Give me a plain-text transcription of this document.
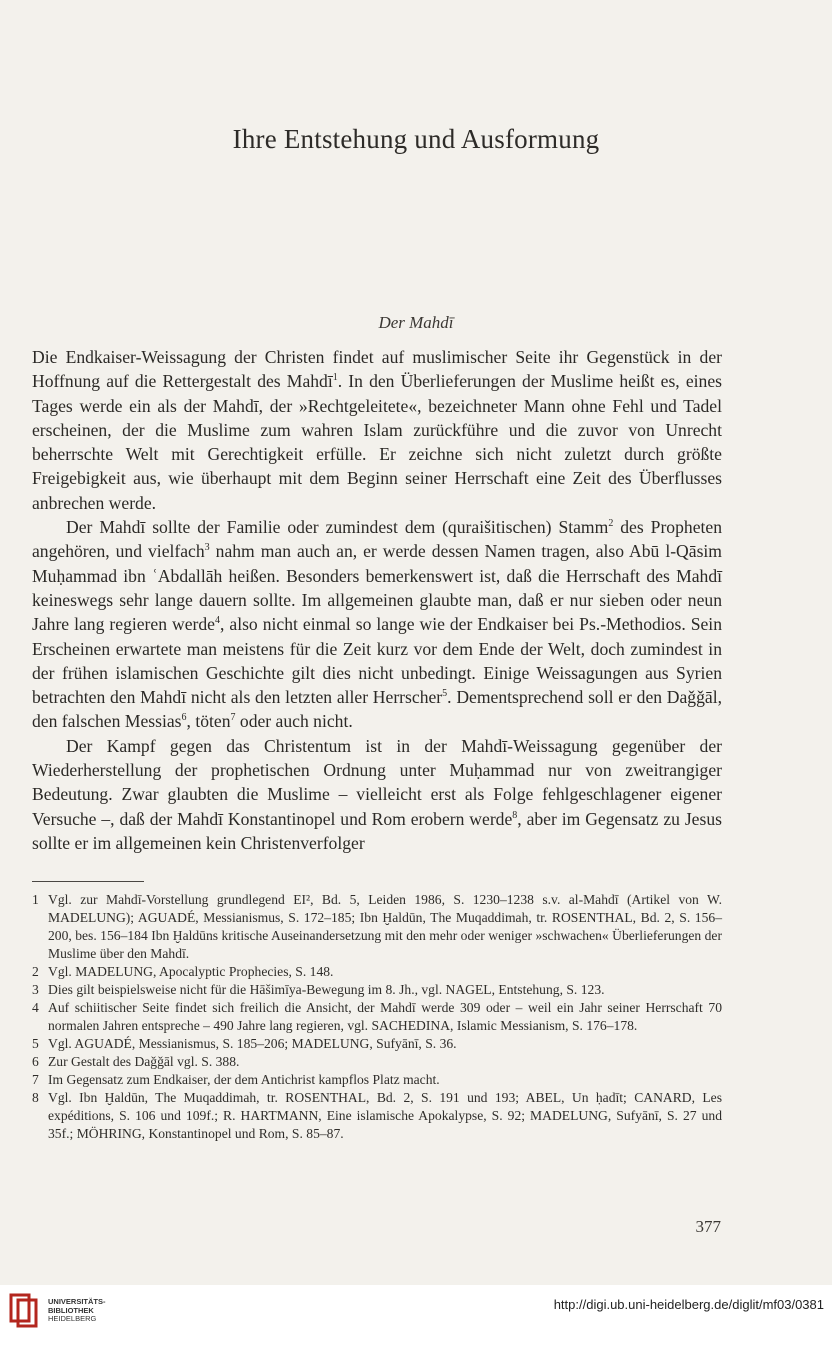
Ihre Entstehung und Ausformung
Der Mahdī

Die Endkaiser-Weissagung der Christen findet auf muslimischer Seite ihr Gegenstück in der Hoffnung auf die Rettergestalt des Mahdī$^1$. In den Überlieferungen der Muslime heißt es, eines Tages werde ein als der Mahdī, der »Rechtgeleitete«, bezeichneter Mann ohne Fehl und Tadel erscheinen, der die Muslime zum wahren Islam zurückführe und die zuvor von Unrecht beherrschte Welt mit Gerechtigkeit erfülle. Er zeichne sich nicht zuletzt durch größte Freigebigkeit aus, wie überhaupt mit dem Beginn seiner Herrschaft eine Zeit des Überflusses anbrechen werde.

Der Mahdī sollte der Familie oder zumindest dem (quraišitischen) Stamm$^2$ des Propheten angehören, und vielfach$^3$ nahm man auch an, er werde dessen Namen tragen, also Abū l-Qāsim Muḥammad ibn ʿAbdallāh heißen. Besonders bemerkenswert ist, daß die Herrschaft des Mahdī keineswegs sehr lange dauern sollte. Im allgemeinen glaubte man, daß er nur sieben oder neun Jahre lang regieren werde$^4$, also nicht einmal so lange wie der Endkaiser bei Ps.-Methodios. Sein Erscheinen erwartete man meistens für die Zeit kurz vor dem Ende der Welt, doch zumindest in der frühen islamischen Geschichte gilt dies nicht unbedingt. Einige Weissagungen aus Syrien betrachten den Mahdī nicht als den letzten aller Herrscher$^5$. Dementsprechend soll er den Daǧǧāl, den falschen Messias$^6$, töten$^7$ oder auch nicht.

Der Kampf gegen das Christentum ist in der Mahdī-Weissagung gegenüber der Wiederherstellung der prophetischen Ordnung unter Muḥammad nur von zweitrangiger Bedeutung. Zwar glaubten die Muslime – vielleicht erst als Folge fehlgeschlagener eigener Versuche –, daß der Mahdī Konstantinopel und Rom erobern werde$^8$, aber im Gegensatz zu Jesus sollte er im allgemeinen kein Christenverfolger

1 Vgl. zur Mahdī-Vorstellung grundlegend EI², Bd. 5, Leiden 1986, S. 1230–1238 s.v. al-Mahdī (Artikel von W. MADELUNG); AGUADÉ, Messianismus, S. 172–185; Ibn Ḫaldūn, The Muqaddimah, tr. ROSENTHAL, Bd. 2, S. 156–200, bes. 156–184 Ibn Ḫaldūns kritische Auseinandersetzung mit den mehr oder weniger »schwachen« Überlieferungen der Muslime über den Mahdī.
2 Vgl. MADELUNG, Apocalyptic Prophecies, S. 148.
3 Dies gilt beispielsweise nicht für die Hāšimīya-Bewegung im 8. Jh., vgl. NAGEL, Entstehung, S. 123.
4 Auf schiitischer Seite findet sich freilich die Ansicht, der Mahdī werde 309 oder – weil ein Jahr seiner Herrschaft 70 normalen Jahren entspreche – 490 Jahre lang regieren, vgl. SACHEDINA, Islamic Messianism, S. 176–178.
5 Vgl. AGUADÉ, Messianismus, S. 185–206; MADELUNG, Sufyānī, S. 36.
6 Zur Gestalt des Daǧǧāl vgl. S. 388.
7 Im Gegensatz zum Endkaiser, der dem Antichrist kampflos Platz macht.
8 Vgl. Ibn Ḫaldūn, The Muqaddimah, tr. ROSENTHAL, Bd. 2, S. 191 und 193; ABEL, Un ḥadīt; CANARD, Les expéditions, S. 106 und 109f.; R. HARTMANN, Eine islamische Apokalypse, S. 92; MADELUNG, Sufyānī, S. 27 und 35f.; MÖHRING, Konstantinopel und Rom, S. 85–87.
377
UNIVERSITÄTS-
BIBLIOTHEK
HEIDELBERG
http://digi.ub.uni-heidelberg.de/diglit/mf03/0381
